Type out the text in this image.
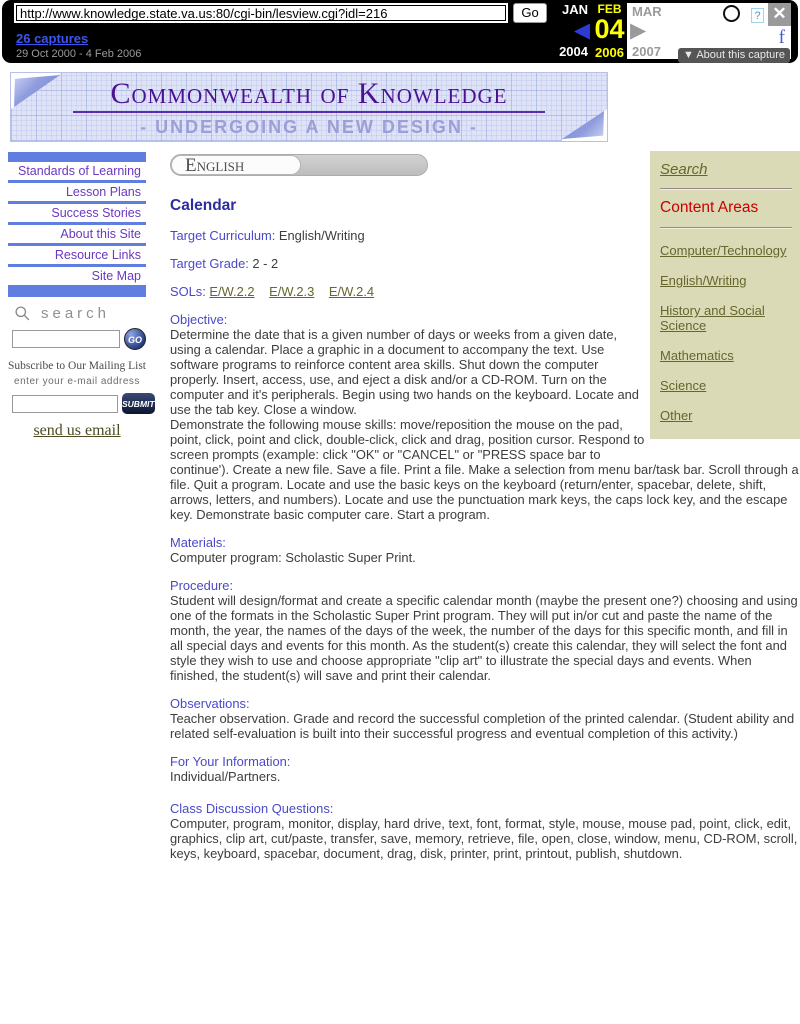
http://www.knowledge.state.va.us:80/cgi-bin/lesview.cgi?idl=216
Go
26 captures
29 Oct 2000 - 4 Feb 2006
JAN
◀
2004
FEB
04
2006
MAR
▶
2007
? ✕
f
▼ About this capture
Commonwealth of Knowledge
- UNDERGOING A NEW DESIGN -
Standards of Learning
Lesson Plans
Success Stories
About this Site
Resource Links
Site Map
search
GO
Subscribe to Our Mailing List
enter your e-mail address
SUBMIT
send us email
Search
Content Areas
Computer/Technology
English/Writing
History and Social Science
Mathematics
Science
Other
English
Calendar

Target Curriculum: English/Writing

Target Grade: 2 - 2

SOLs: E/W.2.2 E/W.2.3 E/W.2.4

Objective:
Determine the date that is a given number of days or weeks from a given date, using a calendar. Place a graphic in a document to accompany the text. Use software programs to reinforce content area skills. Shut down the computer properly. Insert, access, use, and eject a disk and/or a CD-ROM. Turn on the computer and it's peripherals. Begin using two hands on the keyboard. Locate and use the tab key. Close a window.
Demonstrate the following mouse skills: move/reposition the mouse on the pad, point, click, point and click, double-click, click and drag, position cursor. Respond to screen prompts (example: click "OK" or "CANCEL" or "PRESS space bar to continue'). Create a new file. Save a file. Print a file. Make a selection from menu bar/task bar. Scroll through a file. Quit a program. Locate and use the basic keys on the keyboard (return/enter, spacebar, delete, shift, arrows, letters, and numbers). Locate and use the punctuation mark keys, the caps lock key, and the escape key. Demonstrate basic computer care. Start a program.

Materials:
Computer program: Scholastic Super Print.

Procedure:
Student will design/format and create a specific calendar month (maybe the present one?) choosing and using one of the formats in the Scholastic Super Print program. They will put in/or cut and paste the name of the month, the year, the names of the days of the week, the number of the days for this specific month, and fill in all special days and events for this month. As the student(s) create this calendar, they will select the font and style they wish to use and choose appropriate "clip art" to illustrate the special days and events. When finished, the student(s) will save and print their calendar.

Observations:
Teacher observation. Grade and record the successful completion of the printed calendar. (Student ability and related self-evaluation is built into their successful progress and eventual completion of this activity.)

For Your Information:
Individual/Partners.

Class Discussion Questions:
Computer, program, monitor, display, hard drive, text, font, format, style, mouse, mouse pad, point, click, edit, graphics, clip art, cut/paste, transfer, save, memory, retrieve, file, open, close, window, menu, CD-ROM, scroll, keys, keyboard, spacebar, document, drag, disk, printer, print, printout, publish, shutdown.
